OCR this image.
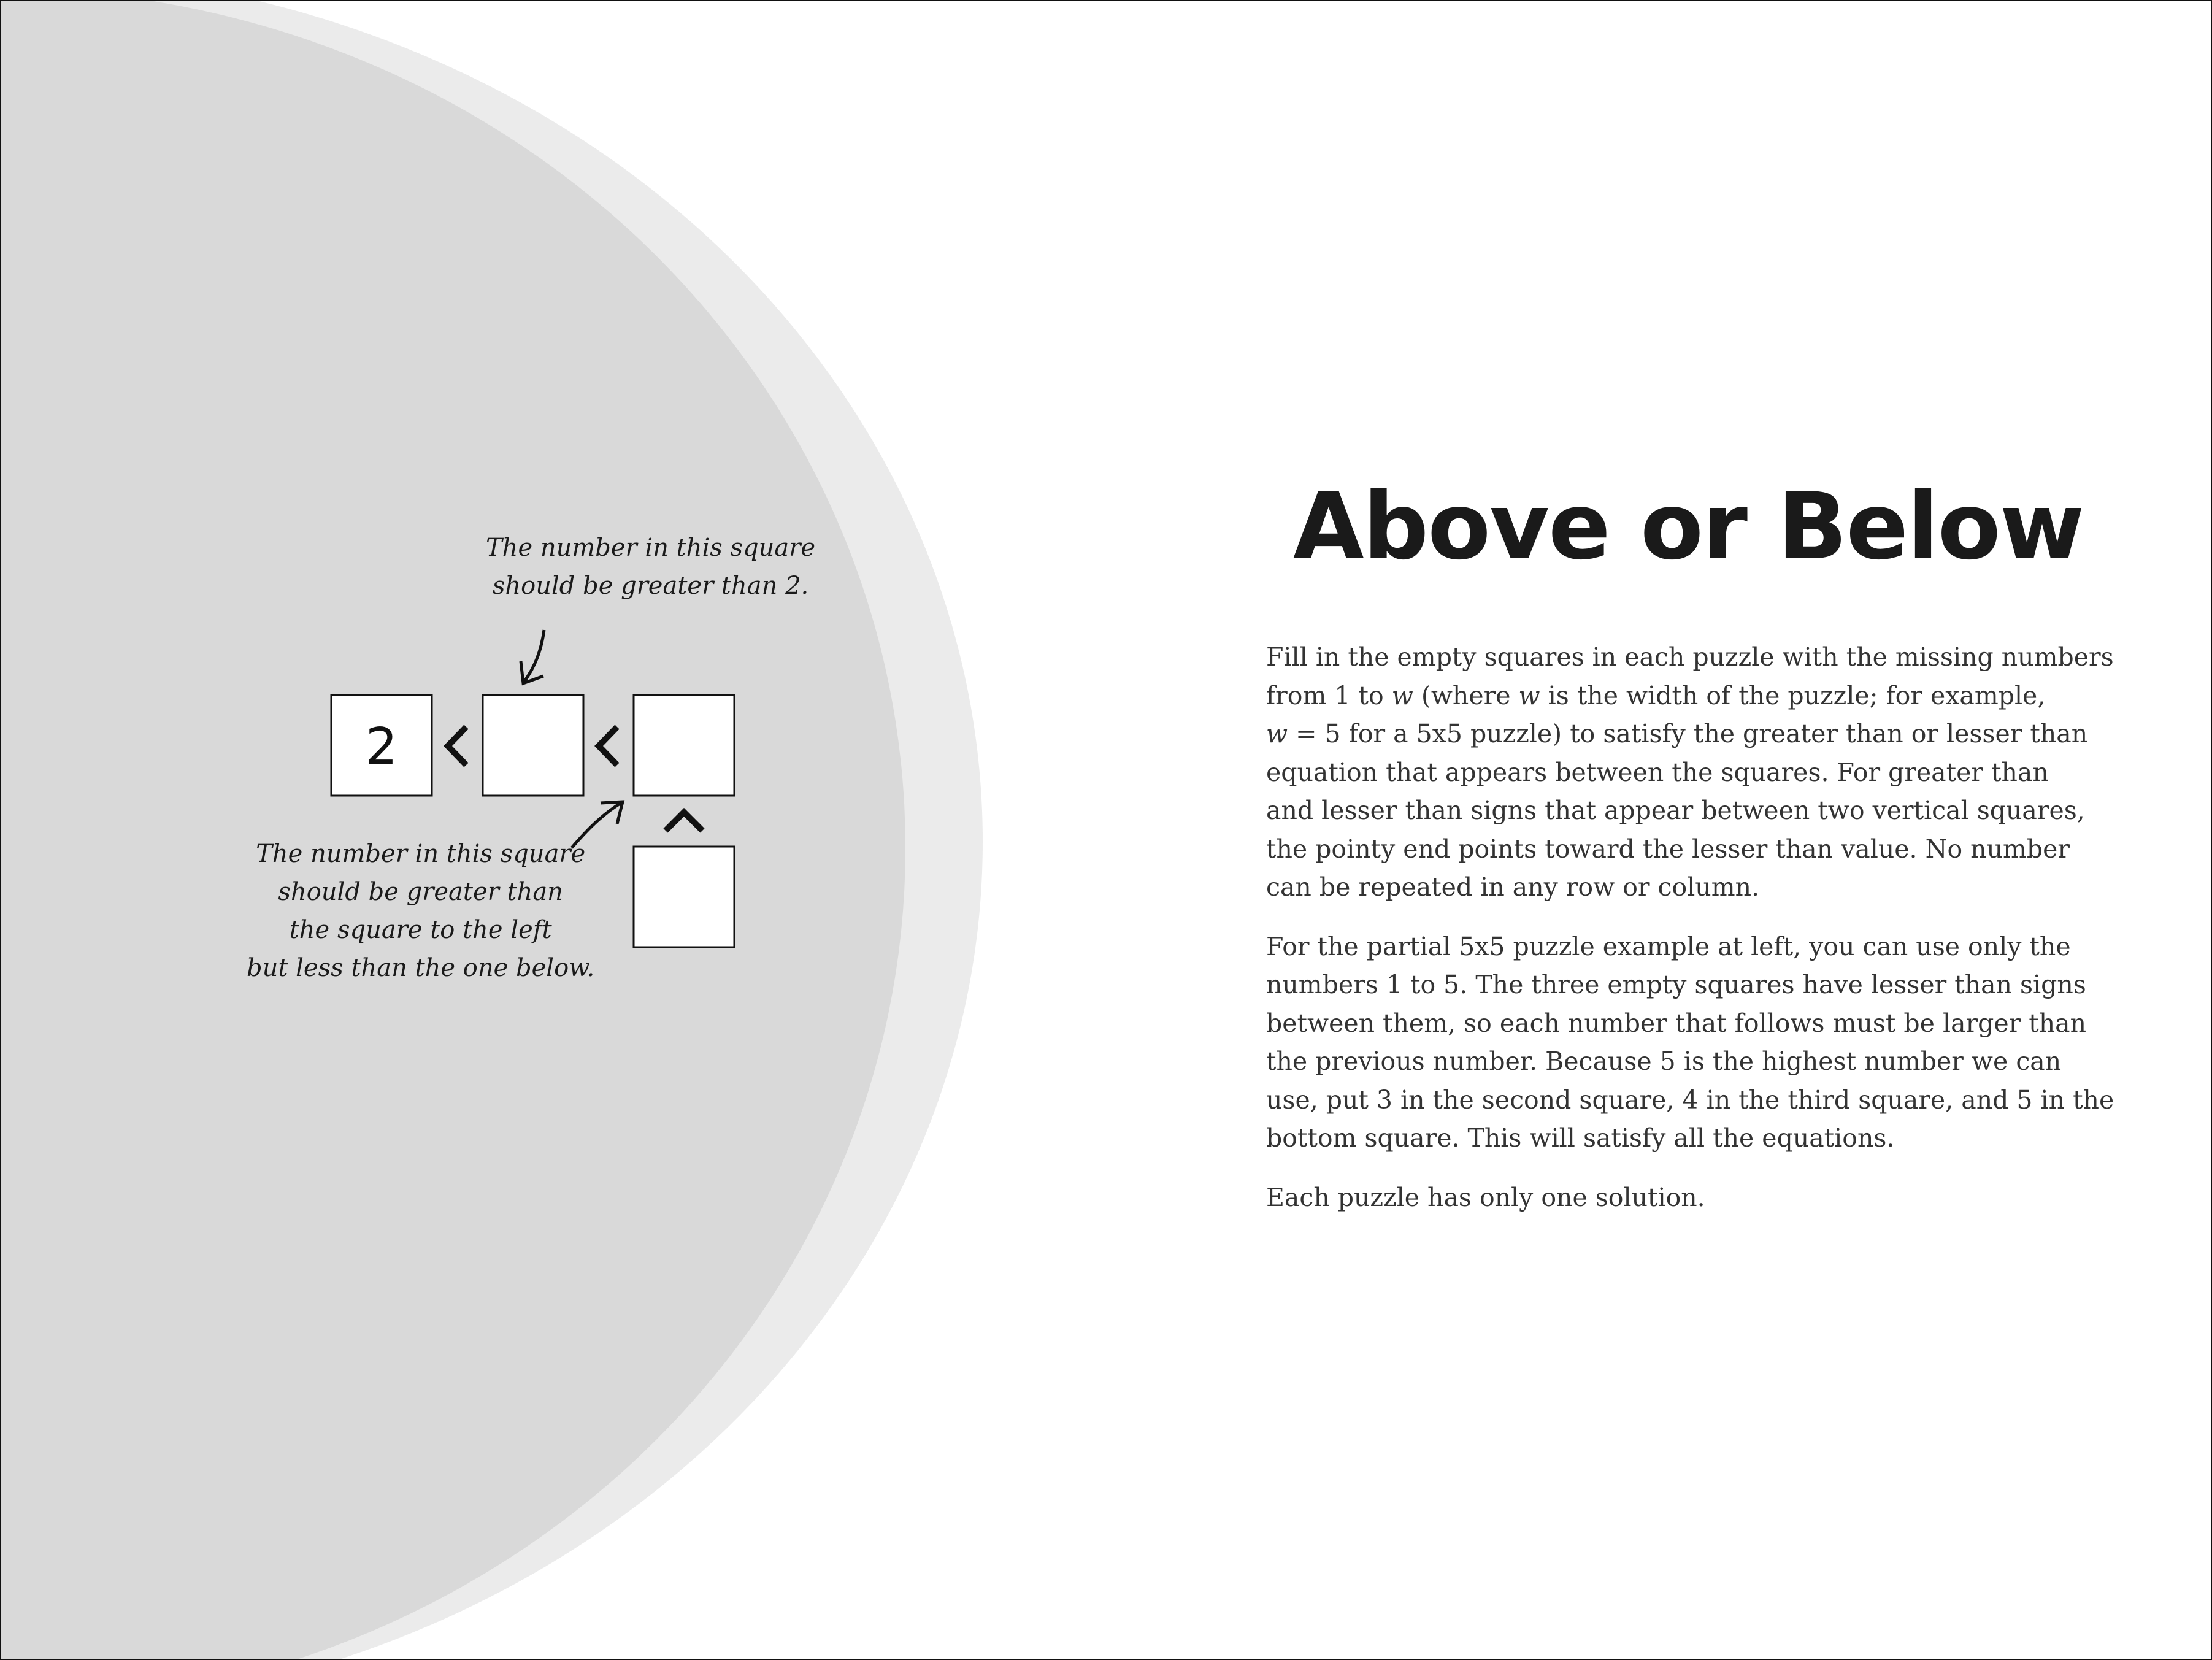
2
The number in this square
should be greater than 2.
The number in this square
should be greater than
the square to the left
but less than the one below.
Above or Below

Fill in the empty squares in each puzzle with the missing numbers
from 1 to w (where w is the width of the puzzle; for example,
w = 5 for a 5x5 puzzle) to satisfy the greater than or lesser than
equation that appears between the squares. For greater than
and lesser than signs that appear between two vertical squares,
the pointy end points toward the lesser than value. No number
can be repeated in any row or column.

For the partial 5x5 puzzle example at left, you can use only the
numbers 1 to 5. The three empty squares have lesser than signs
between them, so each number that follows must be larger than
the previous number. Because 5 is the highest number we can
use, put 3 in the second square, 4 in the third square, and 5 in the
bottom square. This will satisfy all the equations.

Each puzzle has only one solution.
